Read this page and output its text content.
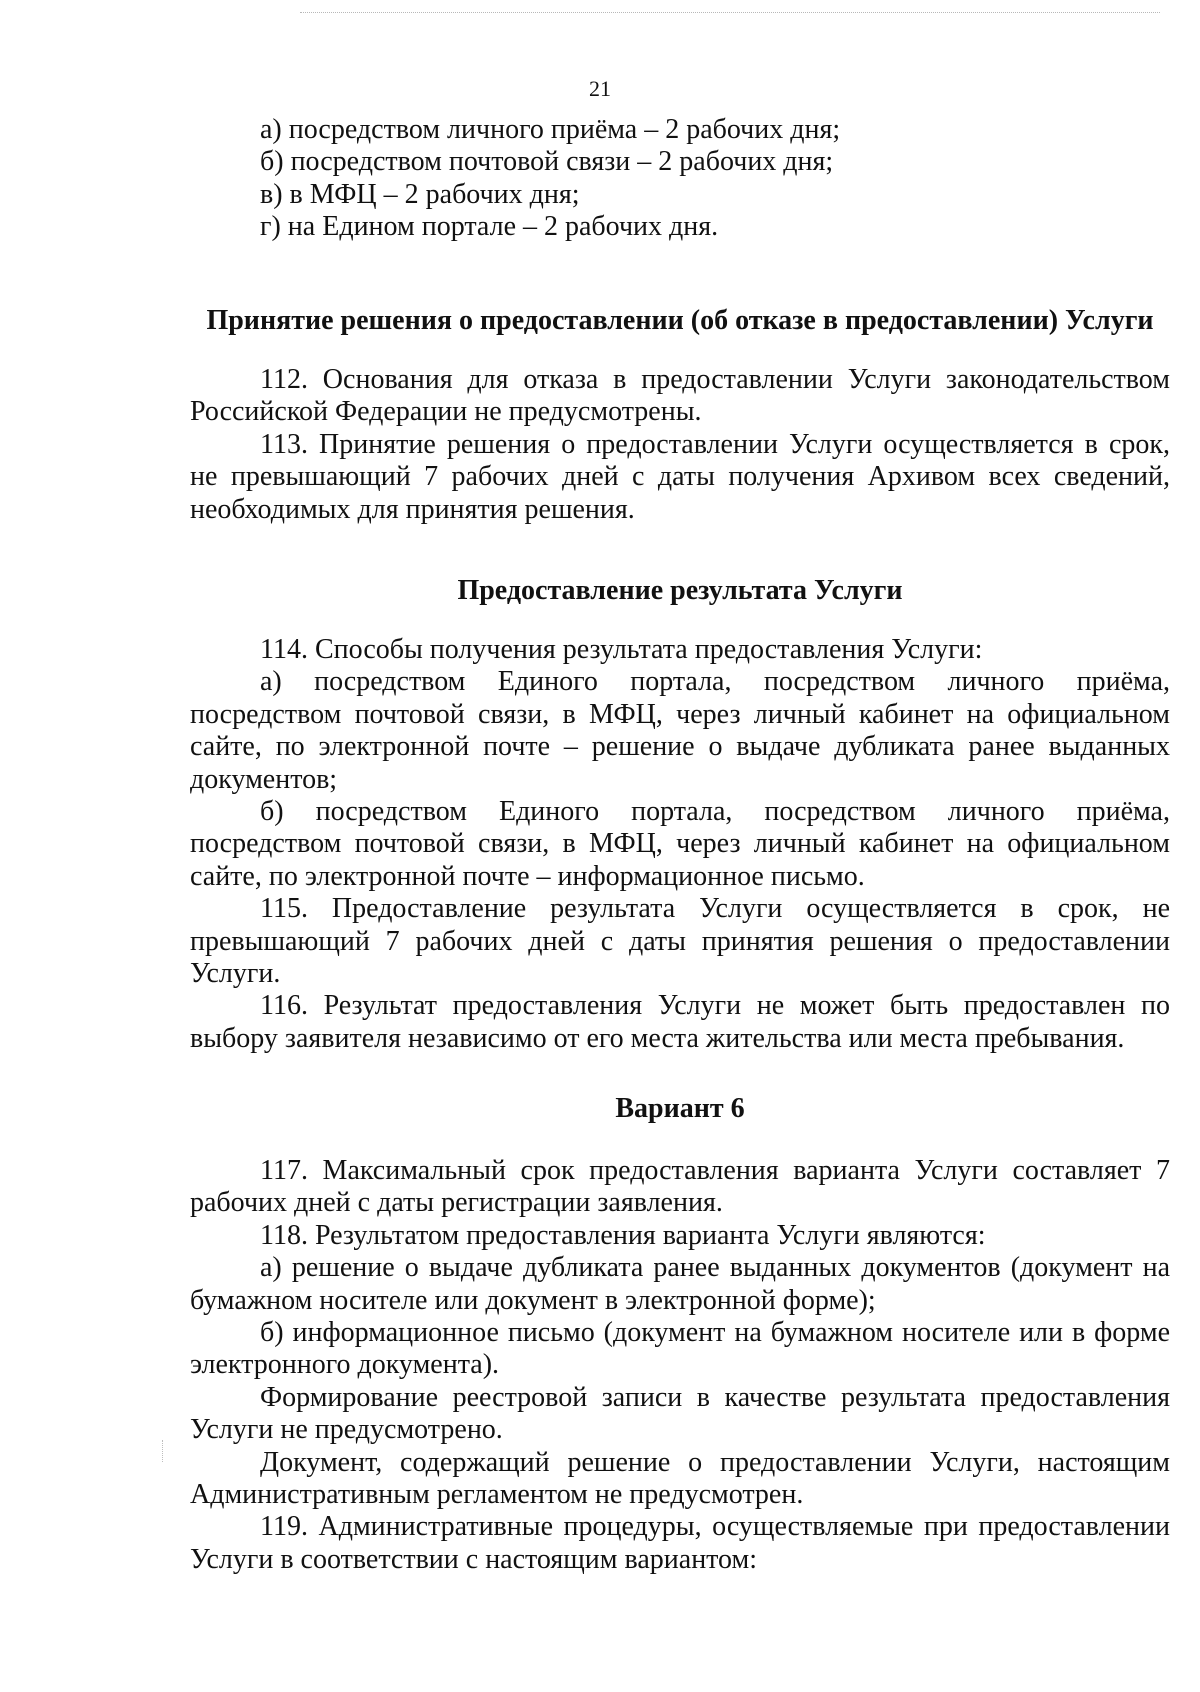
21

а) посредством личного приёма – 2 рабочих дня;

б) посредством почтовой связи – 2 рабочих дня;

в) в МФЦ – 2 рабочих дня;

г) на Едином портале – 2 рабочих дня.

Принятие решения о предоставлении (об отказе в предоставлении) Услуги

112. Основания для отказа в предоставлении Услуги законодательством Российской Федерации не предусмотрены.

113. Принятие решения о предоставлении Услуги осуществляется в срок, не превышающий 7 рабочих дней с даты получения Архивом всех сведений, необходимых для принятия решения.

Предоставление результата Услуги

114. Способы получения результата предоставления Услуги:

а) посредством Единого портала, посредством личного приёма, посредством почтовой связи, в МФЦ, через личный кабинет на официальном сайте, по электронной почте – решение о выдаче дубликата ранее выданных документов;

б) посредством Единого портала, посредством личного приёма, посредством почтовой связи, в МФЦ, через личный кабинет на официальном сайте, по электронной почте – информационное письмо.

115. Предоставление результата Услуги осуществляется в срок, не превышающий 7 рабочих дней с даты принятия решения о предоставлении Услуги.

116. Результат предоставления Услуги не может быть предоставлен по выбору заявителя независимо от его места жительства или места пребывания.

Вариант 6

117. Максимальный срок предоставления варианта Услуги составляет 7 рабочих дней с даты регистрации заявления.

118. Результатом предоставления варианта Услуги являются:

а) решение о выдаче дубликата ранее выданных документов (документ на бумажном носителе или документ в электронной форме);

б) информационное письмо (документ на бумажном носителе или в форме электронного документа).

Формирование реестровой записи в качестве результата предоставления Услуги не предусмотрено.

Документ, содержащий решение о предоставлении Услуги, настоящим Административным регламентом не предусмотрен.

119. Административные процедуры, осуществляемые при предоставлении Услуги в соответствии с настоящим вариантом:
